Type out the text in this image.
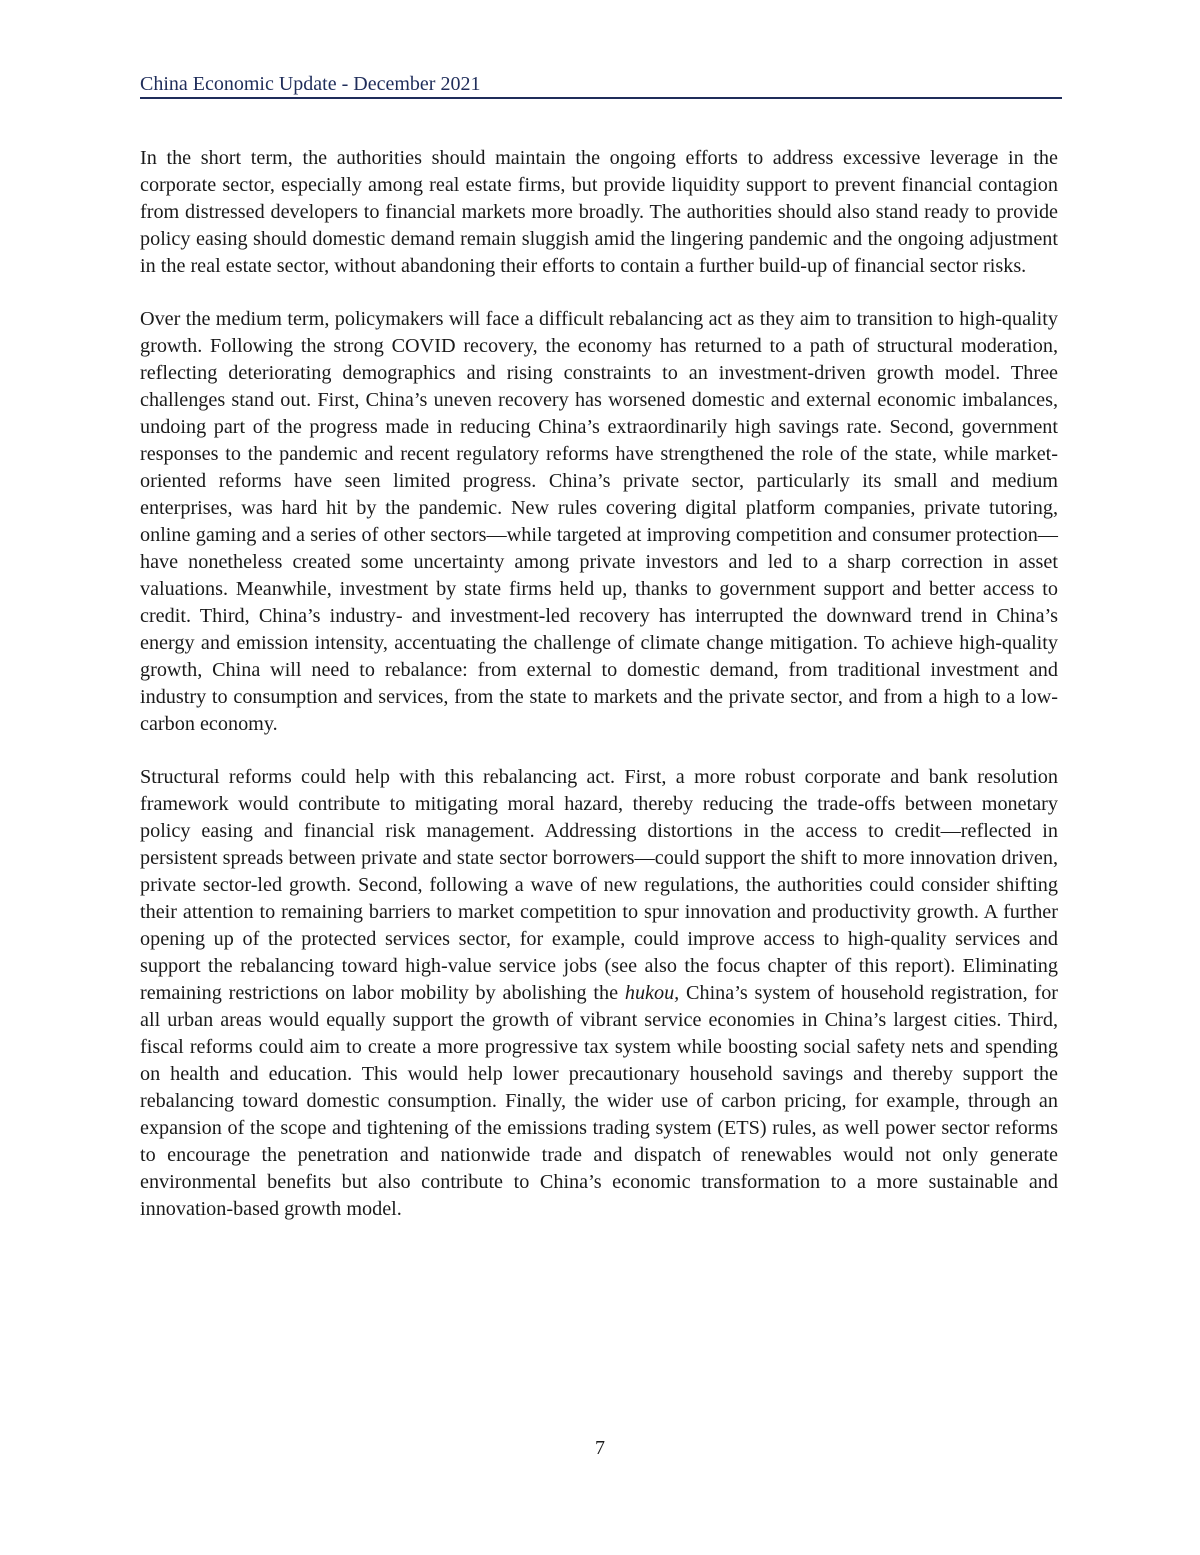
China Economic Update - December 2021

In the short term, the authorities should maintain the ongoing efforts to address excessive leverage in the corporate sector, especially among real estate firms, but provide liquidity support to prevent financial contagion from distressed developers to financial markets more broadly. The authorities should also stand ready to provide policy easing should domestic demand remain sluggish amid the lingering pandemic and the ongoing adjustment in the real estate sector, without abandoning their efforts to contain a further build-up of financial sector risks.

Over the medium term, policymakers will face a difficult rebalancing act as they aim to transition to high-quality growth. Following the strong COVID recovery, the economy has returned to a path of structural moderation, reflecting deteriorating demographics and rising constraints to an investment-driven growth model. Three challenges stand out. First, China’s uneven recovery has worsened domestic and external economic imbalances, undoing part of the progress made in reducing China’s extraordinarily high savings rate. Second, government responses to the pandemic and recent regulatory reforms have strengthened the role of the state, while market-oriented reforms have seen limited progress. China’s private sector, particularly its small and medium enterprises, was hard hit by the pandemic. New rules covering digital platform companies, private tutoring, online gaming and a series of other sectors—while targeted at improving competition and consumer protection—have nonetheless created some uncertainty among private investors and led to a sharp correction in asset valuations. Meanwhile, investment by state firms held up, thanks to government support and better access to credit. Third, China’s industry- and investment-led recovery has interrupted the downward trend in China’s energy and emission intensity, accentuating the challenge of climate change mitigation. To achieve high-quality growth, China will need to rebalance: from external to domestic demand, from traditional investment and industry to consumption and services, from the state to markets and the private sector, and from a high to a low-carbon economy.

Structural reforms could help with this rebalancing act. First, a more robust corporate and bank resolution framework would contribute to mitigating moral hazard, thereby reducing the trade-offs between monetary policy easing and financial risk management. Addressing distortions in the access to credit—reflected in persistent spreads between private and state sector borrowers—could support the shift to more innovation driven, private sector-led growth. Second, following a wave of new regulations, the authorities could consider shifting their attention to remaining barriers to market competition to spur innovation and productivity growth. A further opening up of the protected services sector, for example, could improve access to high-quality services and support the rebalancing toward high-value service jobs (see also the focus chapter of this report). Eliminating remaining restrictions on labor mobility by abolishing the hukou, China’s system of household registration, for all urban areas would equally support the growth of vibrant service economies in China’s largest cities. Third, fiscal reforms could aim to create a more progressive tax system while boosting social safety nets and spending on health and education. This would help lower precautionary household savings and thereby support the rebalancing toward domestic consumption. Finally, the wider use of carbon pricing, for example, through an expansion of the scope and tightening of the emissions trading system (ETS) rules, as well power sector reforms to encourage the penetration and nationwide trade and dispatch of renewables would not only generate environmental benefits but also contribute to China’s economic transformation to a more sustainable and innovation-based growth model.

7
